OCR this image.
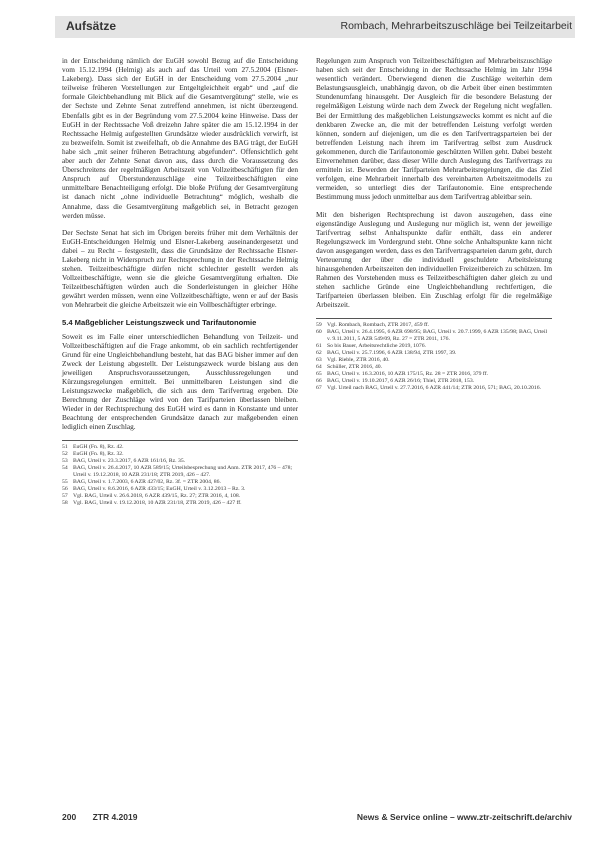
Aufsätze	Rombach, Mehrarbeitszuschläge bei Teilzeitarbeit

in der Entscheidung nämlich der EuGH sowohl Bezug auf die Entscheidung vom 15.12.1994 (Helmig) als auch auf das Urteil vom 27.5.2004 (Elsner-Lakeberg). Dass sich der EuGH in der Entscheidung vom 27.5.2004 „nur teilweise früheren Vorstellungen zur Entgeltgleichheit ergab“ und „auf die formale Gleichbehandlung mit Blick auf die Gesamtvergütung“ stelle, wie es der Sechste und Zehnte Senat zutreffend annehmen, ist nicht überzeugend. Ebenfalls gibt es in der Begründung vom 27.5.2004 keine Hinweise. Dass der EuGH in der Rechtssache Voß dreizehn Jahre später die am 15.12.1994 in der Rechtssache Helmig aufgestellten Grundsätze wieder ausdrücklich verwirft, ist zu bezweifeln. Somit ist zweifelhaft, ob die Annahme des BAG trägt, der EuGH habe sich „mit seiner früheren Betrachtung abgefunden“. Offensichtlich geht aber auch der Zehnte Senat davon aus, dass durch die Voraussetzung des Überschreitens der regelmäßigen Arbeitszeit von Vollzeitbeschäftigten für den Anspruch auf Überstundenzuschläge eine Teilzeitbeschäftigten eine unmittelbare Benachteiligung erfolgt. Die bloße Prüfung der Gesamtvergütung ist danach nicht „ohne individuelle Betrachtung“ möglich, weshalb die Annahme, dass die Gesamtvergütung maßgeblich sei, in Betracht gezogen werden müsse.

Der Sechste Senat hat sich im Übrigen bereits früher mit dem Verhältnis der EuGH-Entscheidungen Helmig und Elsner-Lakeberg auseinandergesetzt und dabei – zu Recht – festgestellt, dass die Grundsätze der Rechtssache Elsner-Lakeberg nicht in Widerspruch zur Rechtsprechung in der Rechtssache Helmig stehen. Teilzeitbeschäftigte dürfen nicht schlechter gestellt werden als Vollzeitbeschäftigte, wenn sie die gleiche Gesamtvergütung erhalten. Die Teilzeitbeschäftigten würden auch die Sonderleistungen in gleicher Höhe gewährt werden müssen, wenn eine Vollzeitbeschäftigte, wenn er auf der Basis von Mehrarbeit die gleiche Arbeitszeit wie ein Vollbeschäftigter erbringe.

5.4 Maßgeblicher Leistungszweck und Tarifautonomie

Soweit es im Falle einer unterschiedlichen Behandlung von Teilzeit- und Vollzeitbeschäftigten auf die Frage ankommt, ob ein sachlich rechtfertigender Grund für eine Ungleichbehandlung besteht, hat das BAG bisher immer auf den Zweck der Leistung abgestellt. Der Leistungszweck wurde bislang aus den jeweiligen Anspruchsvoraussetzungen, Ausschlussregelungen und Kürzungsregelungen ermittelt. Bei unmittelbaren Leistungen sind die Leistungszwecke maßgeblich, die sich aus dem Tarifvertrag ergeben. Die Berechnung der Zuschläge wird von den Tarifparteien überlassen bleiben. Wieder in der Rechtsprechung des EuGH wird es dann in Konstante und unter Beachtung der entsprechenden Grundsätze danach zur maßgebenden einen lediglich einen Zuschlag.

51 EuGH (Fn. 8), Rz. 42.
52 EuGH (Fn. 8), Rz. 32.
53 BAG, Urteil v. 23.3.2017, 6 AZR 161/16, Rz. 35.
54 BAG, Urteil v. 26.4.2017, 10 AZR 589/15; Urteilsbesprechung und Anm. ZTR 2017, 476 – 478; Urteil v. 19.12.2018, 10 AZR 231/18; ZTR 2019, 426 – 427.
55 BAG, Urteil v. 1.7.2003, 6 AZR 427/02, Rz. 3f. = ZTR 2004, 86.
56 BAG, Urteil v. 8.6.2016, 6 AZR 433/15; EuGH, Urteil v. 3.12.2013 – Rz. 3.
57 Vgl. BAG, Urteil v. 26.6.2018, 6 AZR 439/15, Rz. 27; ZTR 2016, 4, 108.
58 Vgl. BAG, Urteil v. 19.12.2018, 10 AZR 231/18, ZTR 2019, 426 – 427 ff.

Regelungen zum Anspruch von Teilzeitbeschäftigten auf Mehrarbeitszuschläge haben sich seit der Entscheidung in der Rechtssache Helmig im Jahr 1994 wesentlich verändert. Überwiegend dienen die Zuschläge weiterhin dem Belastungsausgleich, unabhängig davon, ob die Arbeit über einen bestimmten Stundenumfang hinausgeht. Der Ausgleich für die besondere Belastung der regelmäßigen Leistung würde nach dem Zweck der Regelung nicht wegfallen. Bei der Ermittlung des maßgeblichen Leistungszwecks kommt es nicht auf die denkbaren Zwecke an, die mit der betreffenden Leistung verfolgt werden können, sondern auf diejenigen, um die es den Tarifvertragsparteien bei der betreffenden Leistung nach ihrem im Tarifvertrag selbst zum Ausdruck gekommenen, durch die Tarifautonomie geschützten Willen geht. Dabei besteht Einvernehmen darüber, dass dieser Wille durch Auslegung des Tarifvertrags zu ermitteln ist. Bewerden der Tarifparteien Mehrarbeitsregelungen, die das Ziel verfolgen, eine Mehrarbeit innerhalb des vereinbarten Arbeitszeitmodells zu vermeiden, so unterliegt dies der Tarifautonomie. Eine entsprechende Bestimmung muss jedoch unmittelbar aus dem Tarifvertrag ableitbar sein.

Mit den bisherigen Rechtsprechung ist davon auszugehen, dass eine eigenständige Auslegung und Auslegung nur möglich ist, wenn der jeweilige Tarifvertrag selbst Anhaltspunkte dafür enthält, dass ein anderer Regelungszweck im Vordergrund steht. Ohne solche Anhaltspunkte kann nicht davon ausgegangen werden, dass es den Tarifvertragsparteien darum geht, durch Verteuerung der über die individuell geschuldete Arbeitsleistung hinausgehenden Arbeitszeiten den individuellen Freizeitbereich zu schützen. Im Rahmen des Vorstehenden muss es Teilzeitbeschäftigten daher gleich zu und stehen sachliche Gründe eine Ungleichbehandlung rechtfertigen, die Tarifparteien überlassen bleiben. Ein Zuschlag erfolgt für die regelmäßige Arbeitszeit.

59 Vgl. Rombach, Rombach, ZTR 2017, 459 ff.
60 BAG, Urteil v. 26.4.1995, 6 AZR 698/95; BAG, Urteil v. 20.7.1999, 6 AZR 135/98; BAG, Urteil v. 9.11.2011, 5 AZR 549/09, Rz. 27 = ZTR 2011, 176.
61 So bis Bauer, Arbeitsrechtliche 2019, 1076.
62 BAG, Urteil v. 25.7.1996, 6 AZR 138/94, ZTR 1997, 39.
63 Vgl. Rieble, ZTR 2016, 40.
64 Schüller, ZTR 2016, 40.
65 BAG, Urteil v. 16.3.2016, 10 AZR 175/15, Rz. 28 = ZTR 2016, 379 ff.
66 BAG, Urteil v. 19.10.2017, 6 AZR 26/16; Thiel, ZTR 2018, 153.
67 Vgl. Urteil nach BAG, Urteil v. 27.7.2016, 6 AZR 441/14; ZTR 2016, 571; BAG, 20.10.2016.
200 ZTR 4.2019	News & Service online – www.ztr-zeitschrift.de/archiv
